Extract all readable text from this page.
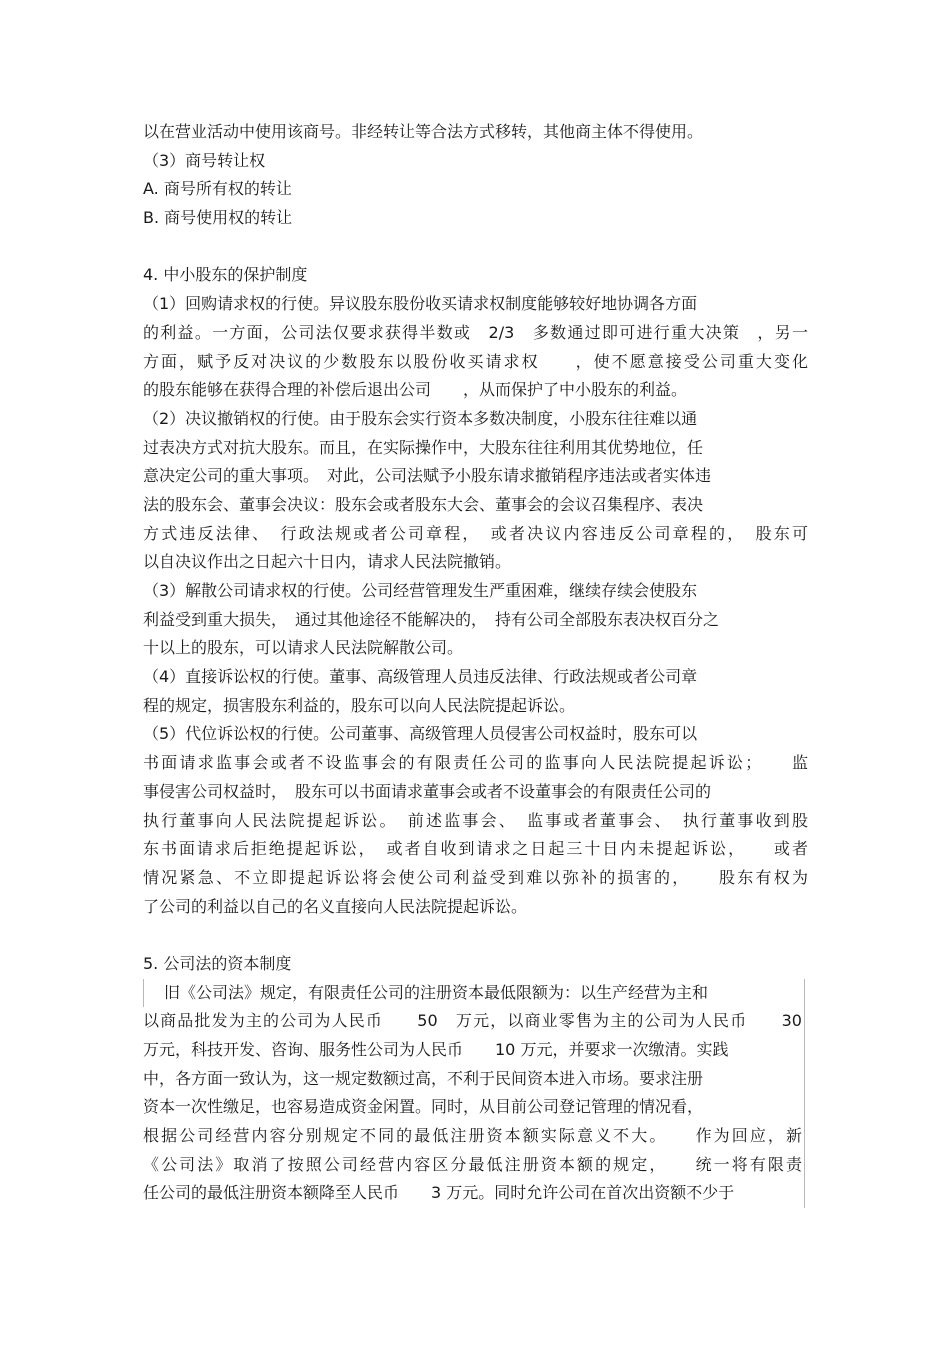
以在营业活动中使用该商号。非经转让等合法方式移转，其他商主体不得使用。
（3）商号转让权
A. 商号所有权的转让
B. 商号使用权的转让
4. 中小股东的保护制度
（1）回购请求权的行使。异议股东股份收买请求权制度能够较好地协调各方面
的利益。一方面，公司法仅要求获得半数或　2/3　多数通过即可进行重大决策　，另一
方面，赋予反对决议的少数股东以股份收买请求权　　，使不愿意接受公司重大变化
的股东能够在获得合理的补偿后退出公司　　，从而保护了中小股东的利益。
（2）决议撤销权的行使。由于股东会实行资本多数决制度，小股东往往难以通
过表决方式对抗大股东。而且，在实际操作中，大股东往往利用其优势地位，任
意决定公司的重大事项。　对此，公司法赋予小股东请求撤销程序违法或者实体违
法的股东会、董事会决议：股东会或者股东大会、董事会的会议召集程序、表决
方式违反法律、　行政法规或者公司章程，　或者决议内容违反公司章程的，　股东可
以自决议作出之日起六十日内，请求人民法院撤销。
（3）解散公司请求权的行使。公司经营管理发生严重困难，继续存续会使股东
利益受到重大损失，　通过其他途径不能解决的，　持有公司全部股东表决权百分之
十以上的股东，可以请求人民法院解散公司。
（4）直接诉讼权的行使。董事、高级管理人员违反法律、行政法规或者公司章
程的规定，损害股东利益的，股东可以向人民法院提起诉讼。
（5）代位诉讼权的行使。公司董事、高级管理人员侵害公司权益时，股东可以
书面请求监事会或者不设监事会的有限责任公司的监事向人民法院提起诉讼；　　监
事侵害公司权益时，　股东可以书面请求董事会或者不设董事会的有限责任公司的
执行董事向人民法院提起诉讼。　前述监事会、　监事或者董事会、　执行董事收到股
东书面请求后拒绝提起诉讼，　或者自收到请求之日起三十日内未提起诉讼，　　或者
情况紧急、不立即提起诉讼将会使公司利益受到难以弥补的损害的，　　股东有权为
了公司的利益以自己的名义直接向人民法院提起诉讼。
5. 公司法的资本制度
旧《公司法》规定，有限责任公司的注册资本最低限额为：以生产经营为主和
以商品批发为主的公司为人民币　　50　万元，以商业零售为主的公司为人民币　　30
万元，科技开发、咨询、服务性公司为人民币　　10 万元，并要求一次缴清。实践
中，各方面一致认为，这一规定数额过高，不利于民间资本进入市场。要求注册
资本一次性缴足，也容易造成资金闲置。同时，从目前公司登记管理的情况看，
根据公司经营内容分别规定不同的最低注册资本额实际意义不大。　　作为回应，新
《公司法》取消了按照公司经营内容区分最低注册资本额的规定，　　统一将有限责
任公司的最低注册资本额降至人民币　　3 万元。同时允许公司在首次出资额不少于
